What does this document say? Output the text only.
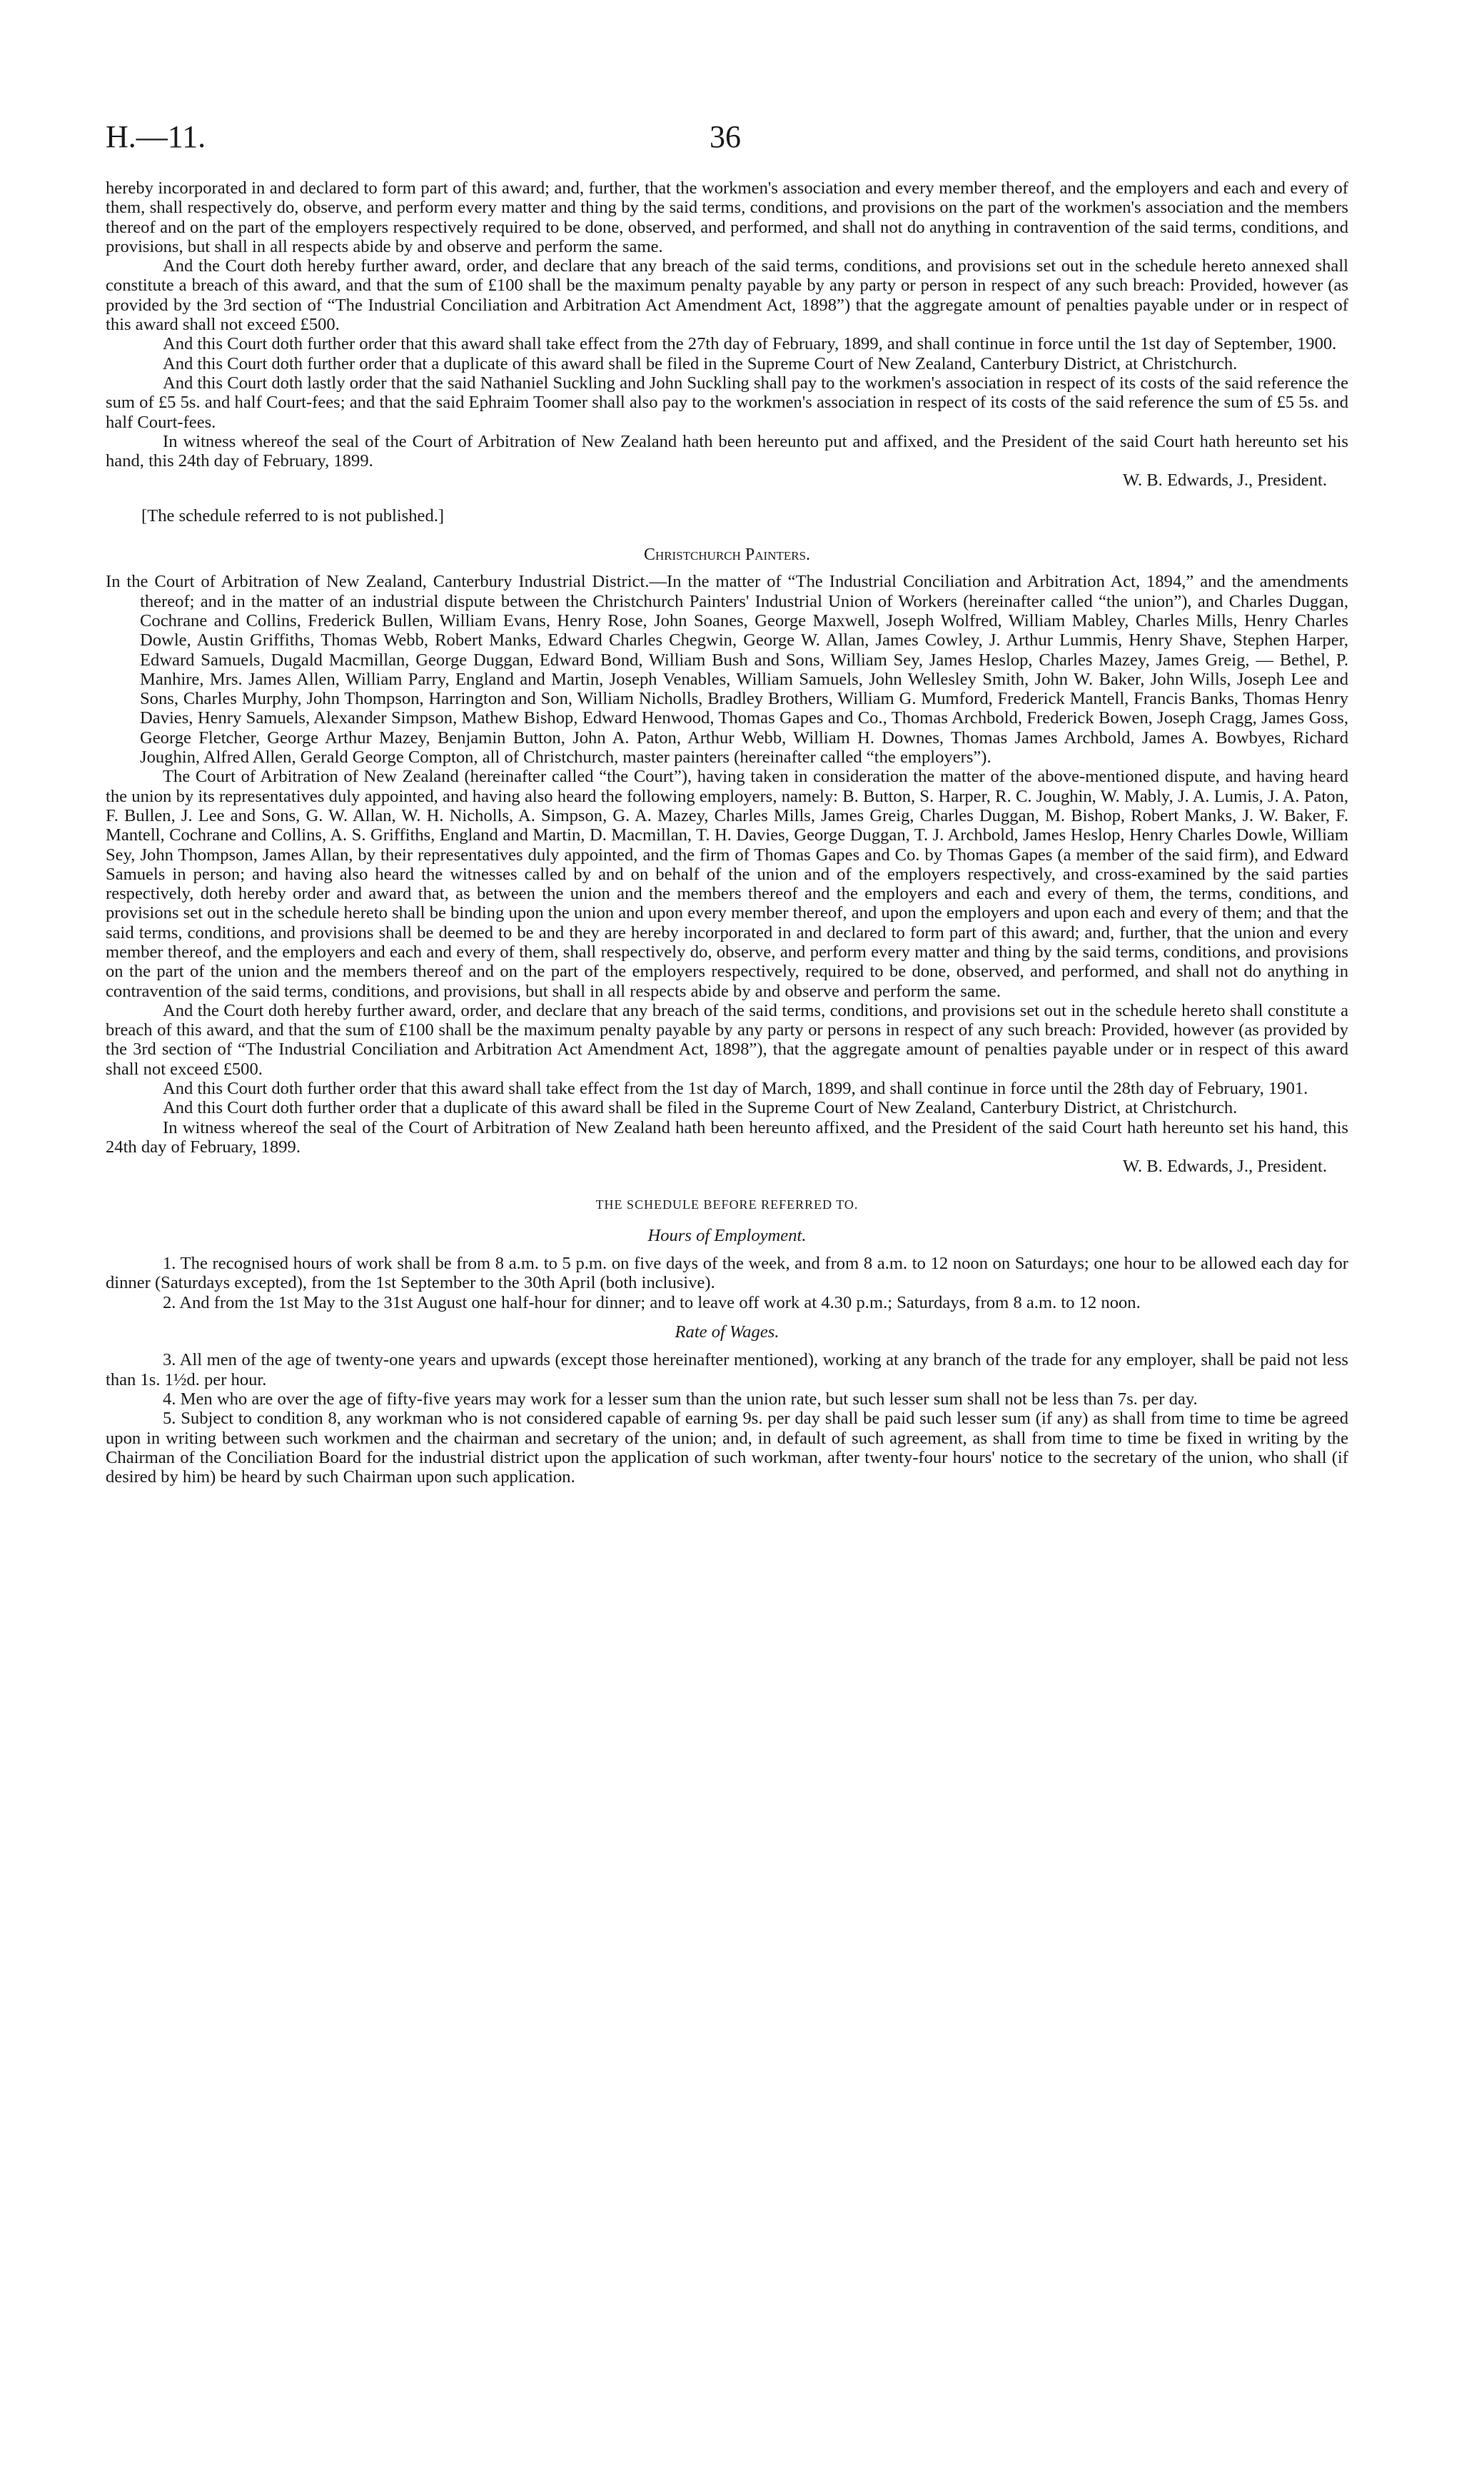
H.—11.	36

hereby incorporated in and declared to form part of this award; and, further, that the workmen's association and every member thereof, and the employers and each and every of them, shall respectively do, observe, and perform every matter and thing by the said terms, conditions, and provisions on the part of the workmen's association and the members thereof and on the part of the employers respectively required to be done, observed, and performed, and shall not do anything in contravention of the said terms, conditions, and provisions, but shall in all respects abide by and observe and perform the same.

And the Court doth hereby further award, order, and declare that any breach of the said terms, conditions, and provisions set out in the schedule hereto annexed shall constitute a breach of this award, and that the sum of £100 shall be the maximum penalty payable by any party or person in respect of any such breach: Provided, however (as provided by the 3rd section of “The Industrial Conciliation and Arbitration Act Amendment Act, 1898”) that the aggregate amount of penalties payable under or in respect of this award shall not exceed £500.

And this Court doth further order that this award shall take effect from the 27th day of February, 1899, and shall continue in force until the 1st day of September, 1900.

And this Court doth further order that a duplicate of this award shall be filed in the Supreme Court of New Zealand, Canterbury District, at Christchurch.

And this Court doth lastly order that the said Nathaniel Suckling and John Suckling shall pay to the workmen's association in respect of its costs of the said reference the sum of £5 5s. and half Court-fees; and that the said Ephraim Toomer shall also pay to the workmen's association in respect of its costs of the said reference the sum of £5 5s. and half Court-fees.

In witness whereof the seal of the Court of Arbitration of New Zealand hath been hereunto put and affixed, and the President of the said Court hath hereunto set his hand, this 24th day of February, 1899.

W. B. Edwards, J., President.

[The schedule referred to is not published.]

Christchurch Painters.

In the Court of Arbitration of New Zealand, Canterbury Industrial District.—In the matter of “The Industrial Conciliation and Arbitration Act, 1894,” and the amendments thereof; and in the matter of an industrial dispute between the Christchurch Painters' Industrial Union of Workers (hereinafter called “the union”), and Charles Duggan, Cochrane and Collins, Frederick Bullen, William Evans, Henry Rose, John Soanes, George Maxwell, Joseph Wolfred, William Mabley, Charles Mills, Henry Charles Dowle, Austin Griffiths, Thomas Webb, Robert Manks, Edward Charles Chegwin, George W. Allan, James Cowley, J. Arthur Lummis, Henry Shave, Stephen Harper, Edward Samuels, Dugald Macmillan, George Duggan, Edward Bond, William Bush and Sons, William Sey, James Heslop, Charles Mazey, James Greig, — Bethel, P. Manhire, Mrs. James Allen, William Parry, England and Martin, Joseph Venables, William Samuels, John Wellesley Smith, John W. Baker, John Wills, Joseph Lee and Sons, Charles Murphy, John Thompson, Harrington and Son, William Nicholls, Bradley Brothers, William G. Mumford, Frederick Mantell, Francis Banks, Thomas Henry Davies, Henry Samuels, Alexander Simpson, Mathew Bishop, Edward Henwood, Thomas Gapes and Co., Thomas Archbold, Frederick Bowen, Joseph Cragg, James Goss, George Fletcher, George Arthur Mazey, Benjamin Button, John A. Paton, Arthur Webb, William H. Downes, Thomas James Archbold, James A. Bowbyes, Richard Joughin, Alfred Allen, Gerald George Compton, all of Christchurch, master painters (hereinafter called “the employers”).

The Court of Arbitration of New Zealand (hereinafter called “the Court”), having taken in consideration the matter of the above-mentioned dispute, and having heard the union by its representatives duly appointed, and having also heard the following employers, namely: B. Button, S. Harper, R. C. Joughin, W. Mably, J. A. Lumis, J. A. Paton, F. Bullen, J. Lee and Sons, G. W. Allan, W. H. Nicholls, A. Simpson, G. A. Mazey, Charles Mills, James Greig, Charles Duggan, M. Bishop, Robert Manks, J. W. Baker, F. Mantell, Cochrane and Collins, A. S. Griffiths, England and Martin, D. Macmillan, T. H. Davies, George Duggan, T. J. Archbold, James Heslop, Henry Charles Dowle, William Sey, John Thompson, James Allan, by their representatives duly appointed, and the firm of Thomas Gapes and Co. by Thomas Gapes (a member of the said firm), and Edward Samuels in person; and having also heard the witnesses called by and on behalf of the union and of the employers respectively, and cross-examined by the said parties respectively, doth hereby order and award that, as between the union and the members thereof and the employers and each and every of them, the terms, conditions, and provisions set out in the schedule hereto shall be binding upon the union and upon every member thereof, and upon the employers and upon each and every of them; and that the said terms, conditions, and provisions shall be deemed to be and they are hereby incorporated in and declared to form part of this award; and, further, that the union and every member thereof, and the employers and each and every of them, shall respectively do, observe, and perform every matter and thing by the said terms, conditions, and provisions on the part of the union and the members thereof and on the part of the employers respectively, required to be done, observed, and performed, and shall not do anything in contravention of the said terms, conditions, and provisions, but shall in all respects abide by and observe and perform the same.

And the Court doth hereby further award, order, and declare that any breach of the said terms, conditions, and provisions set out in the schedule hereto shall constitute a breach of this award, and that the sum of £100 shall be the maximum penalty payable by any party or persons in respect of any such breach: Provided, however (as provided by the 3rd section of “The Industrial Conciliation and Arbitration Act Amendment Act, 1898”), that the aggregate amount of penalties payable under or in respect of this award shall not exceed £500.

And this Court doth further order that this award shall take effect from the 1st day of March, 1899, and shall continue in force until the 28th day of February, 1901.

And this Court doth further order that a duplicate of this award shall be filed in the Supreme Court of New Zealand, Canterbury District, at Christchurch.

In witness whereof the seal of the Court of Arbitration of New Zealand hath been hereunto affixed, and the President of the said Court hath hereunto set his hand, this 24th day of February, 1899.

W. B. Edwards, J., President.

THE SCHEDULE BEFORE REFERRED TO.

Hours of Employment.

1. The recognised hours of work shall be from 8 a.m. to 5 p.m. on five days of the week, and from 8 a.m. to 12 noon on Saturdays; one hour to be allowed each day for dinner (Saturdays excepted), from the 1st September to the 30th April (both inclusive).

2. And from the 1st May to the 31st August one half-hour for dinner; and to leave off work at 4.30 p.m.; Saturdays, from 8 a.m. to 12 noon.

Rate of Wages.

3. All men of the age of twenty-one years and upwards (except those hereinafter mentioned), working at any branch of the trade for any employer, shall be paid not less than 1s. 1½d. per hour.

4. Men who are over the age of fifty-five years may work for a lesser sum than the union rate, but such lesser sum shall not be less than 7s. per day.

5. Subject to condition 8, any workman who is not considered capable of earning 9s. per day shall be paid such lesser sum (if any) as shall from time to time be agreed upon in writing between such workmen and the chairman and secretary of the union; and, in default of such agreement, as shall from time to time be fixed in writing by the Chairman of the Conciliation Board for the industrial district upon the application of such workman, after twenty-four hours' notice to the secretary of the union, who shall (if desired by him) be heard by such Chairman upon such application.
